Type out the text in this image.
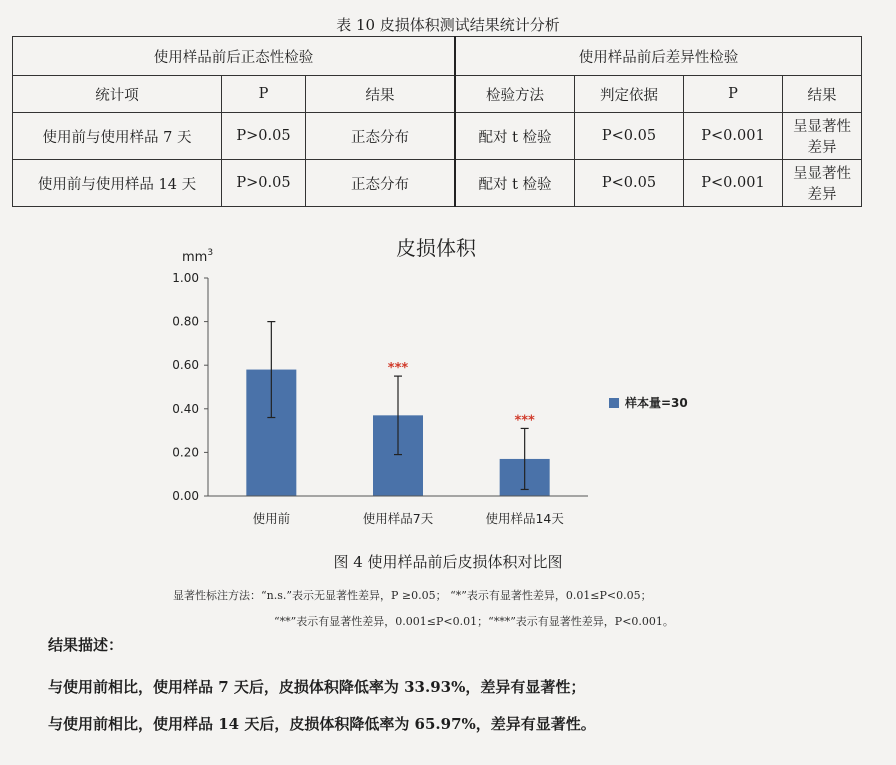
表 10 皮损体积测试结果统计分析
使用样品前后正态性检验			使用样品前后差异性检验			
统计项	P	结果	检验方法	判定依据	P	结果
使用前与使用样品 7 天	P>0.05	正态分布	配对 t 检验	P<0.05	P<0.001	呈显著性差异
使用前与使用样品 14 天	P>0.05	正态分布	配对 t 检验	P<0.05	P<0.001	呈显著性差异
皮损体积
$mm^3$
0.00
0.20
0.40
0.60
0.80
1.00
***
***
使用前	使用样品7天	使用样品14天
样本量=30
图 4 使用样品前后皮损体积对比图
显著性标注方法：“n.s.”表示无显著性差异，P ≥0.05； “*”表示有显著性差异，0.01≤P<0.05；
“**”表示有显著性差异，0.001≤P<0.01；“***”表示有显著性差异，P<0.001。
结果描述：
与使用前相比，使用样品 7 天后，皮损体积降低率为 33.93%，差异有显著性；
与使用前相比，使用样品 14 天后，皮损体积降低率为 65.97%，差异有显著性。
